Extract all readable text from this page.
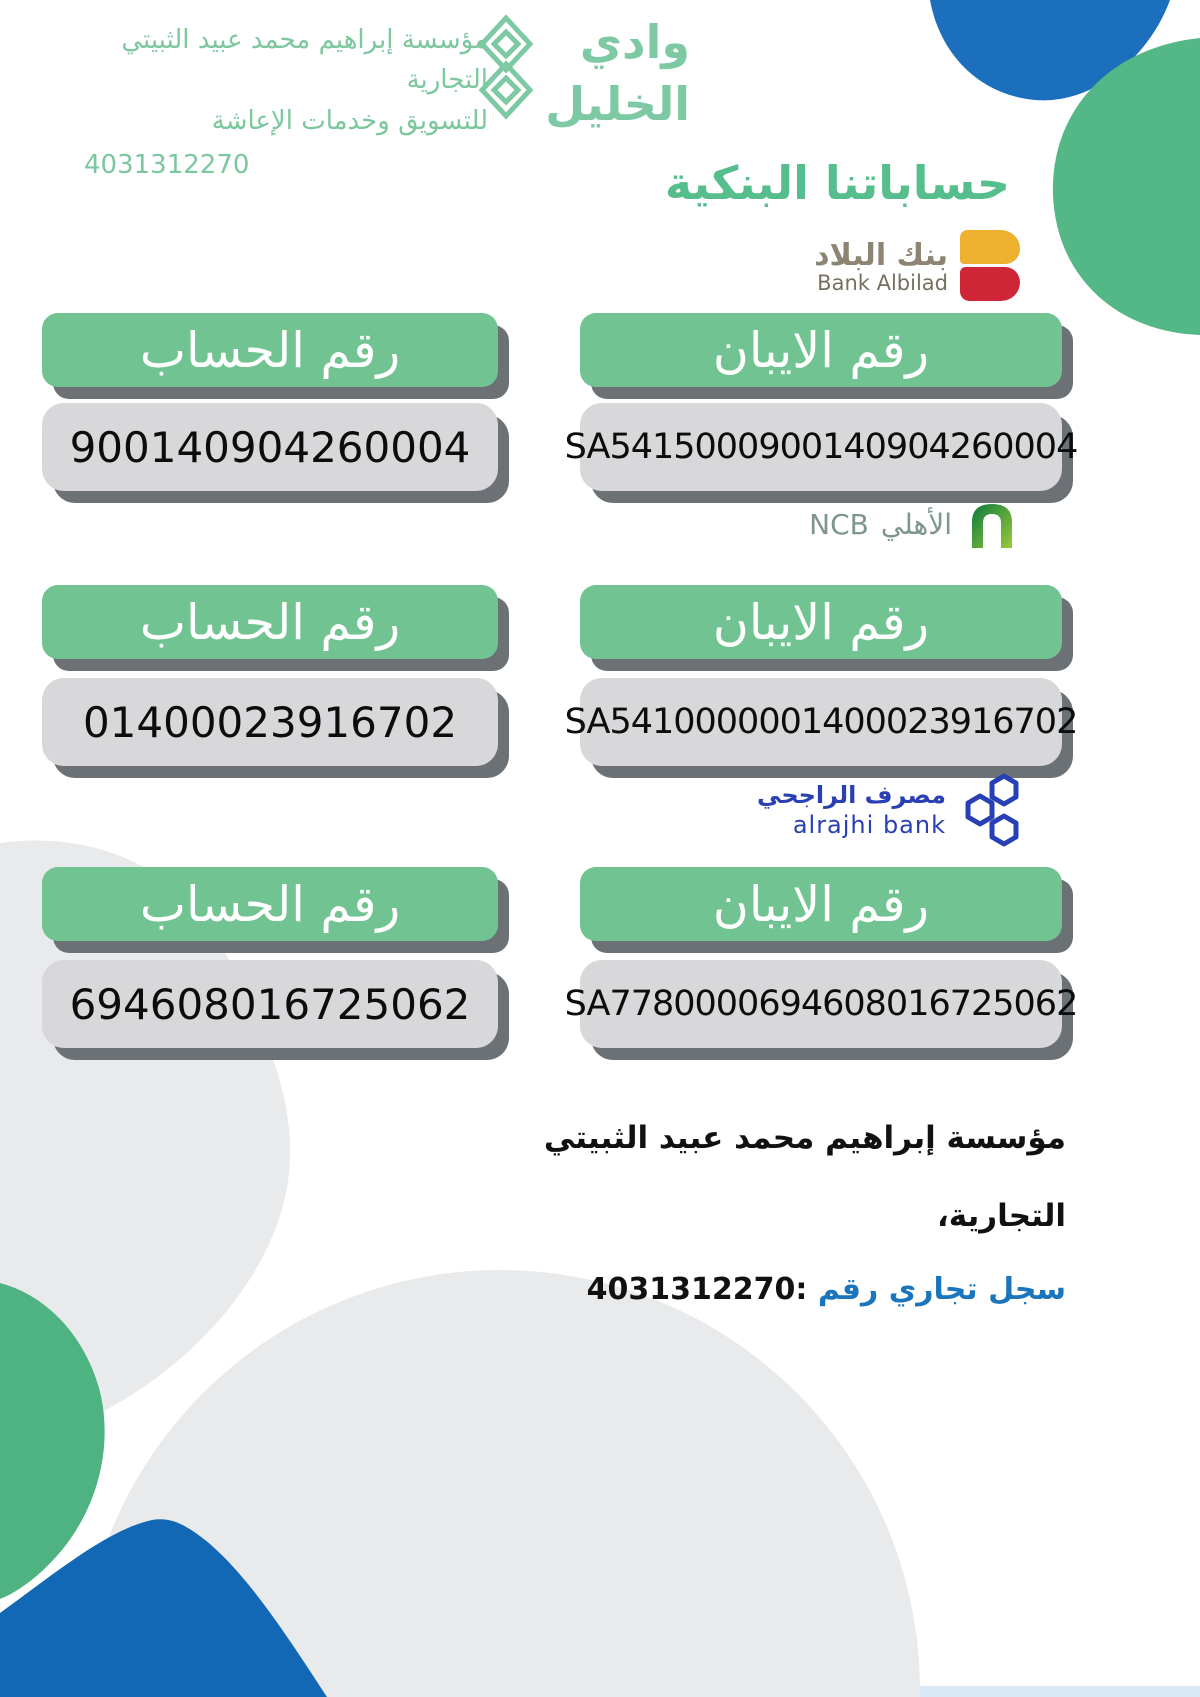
مؤسسة إبراهيم محمد عبيد الثبيتي التجارية
للتسويق وخدمات الإعاشة
4031312270
وادي
الخليل
حساباتنا البنكية
بنك البلاد
Bank Albilad
رقم الحساب	رقم الايبان
900140904260004	SA5415000900140904260004
الأهلي
NCB
رقم الحساب	رقم الايبان
01400023916702	SA5410000001400023916702
مصرف الراجحي
alrajhi bank
رقم الحساب	رقم الايبان
694608016725062	SA7780000694608016725062
مؤسسة إبراهيم محمد عبيد الثبيتي
التجارية،
سجل تجاري رقم :4031312270
